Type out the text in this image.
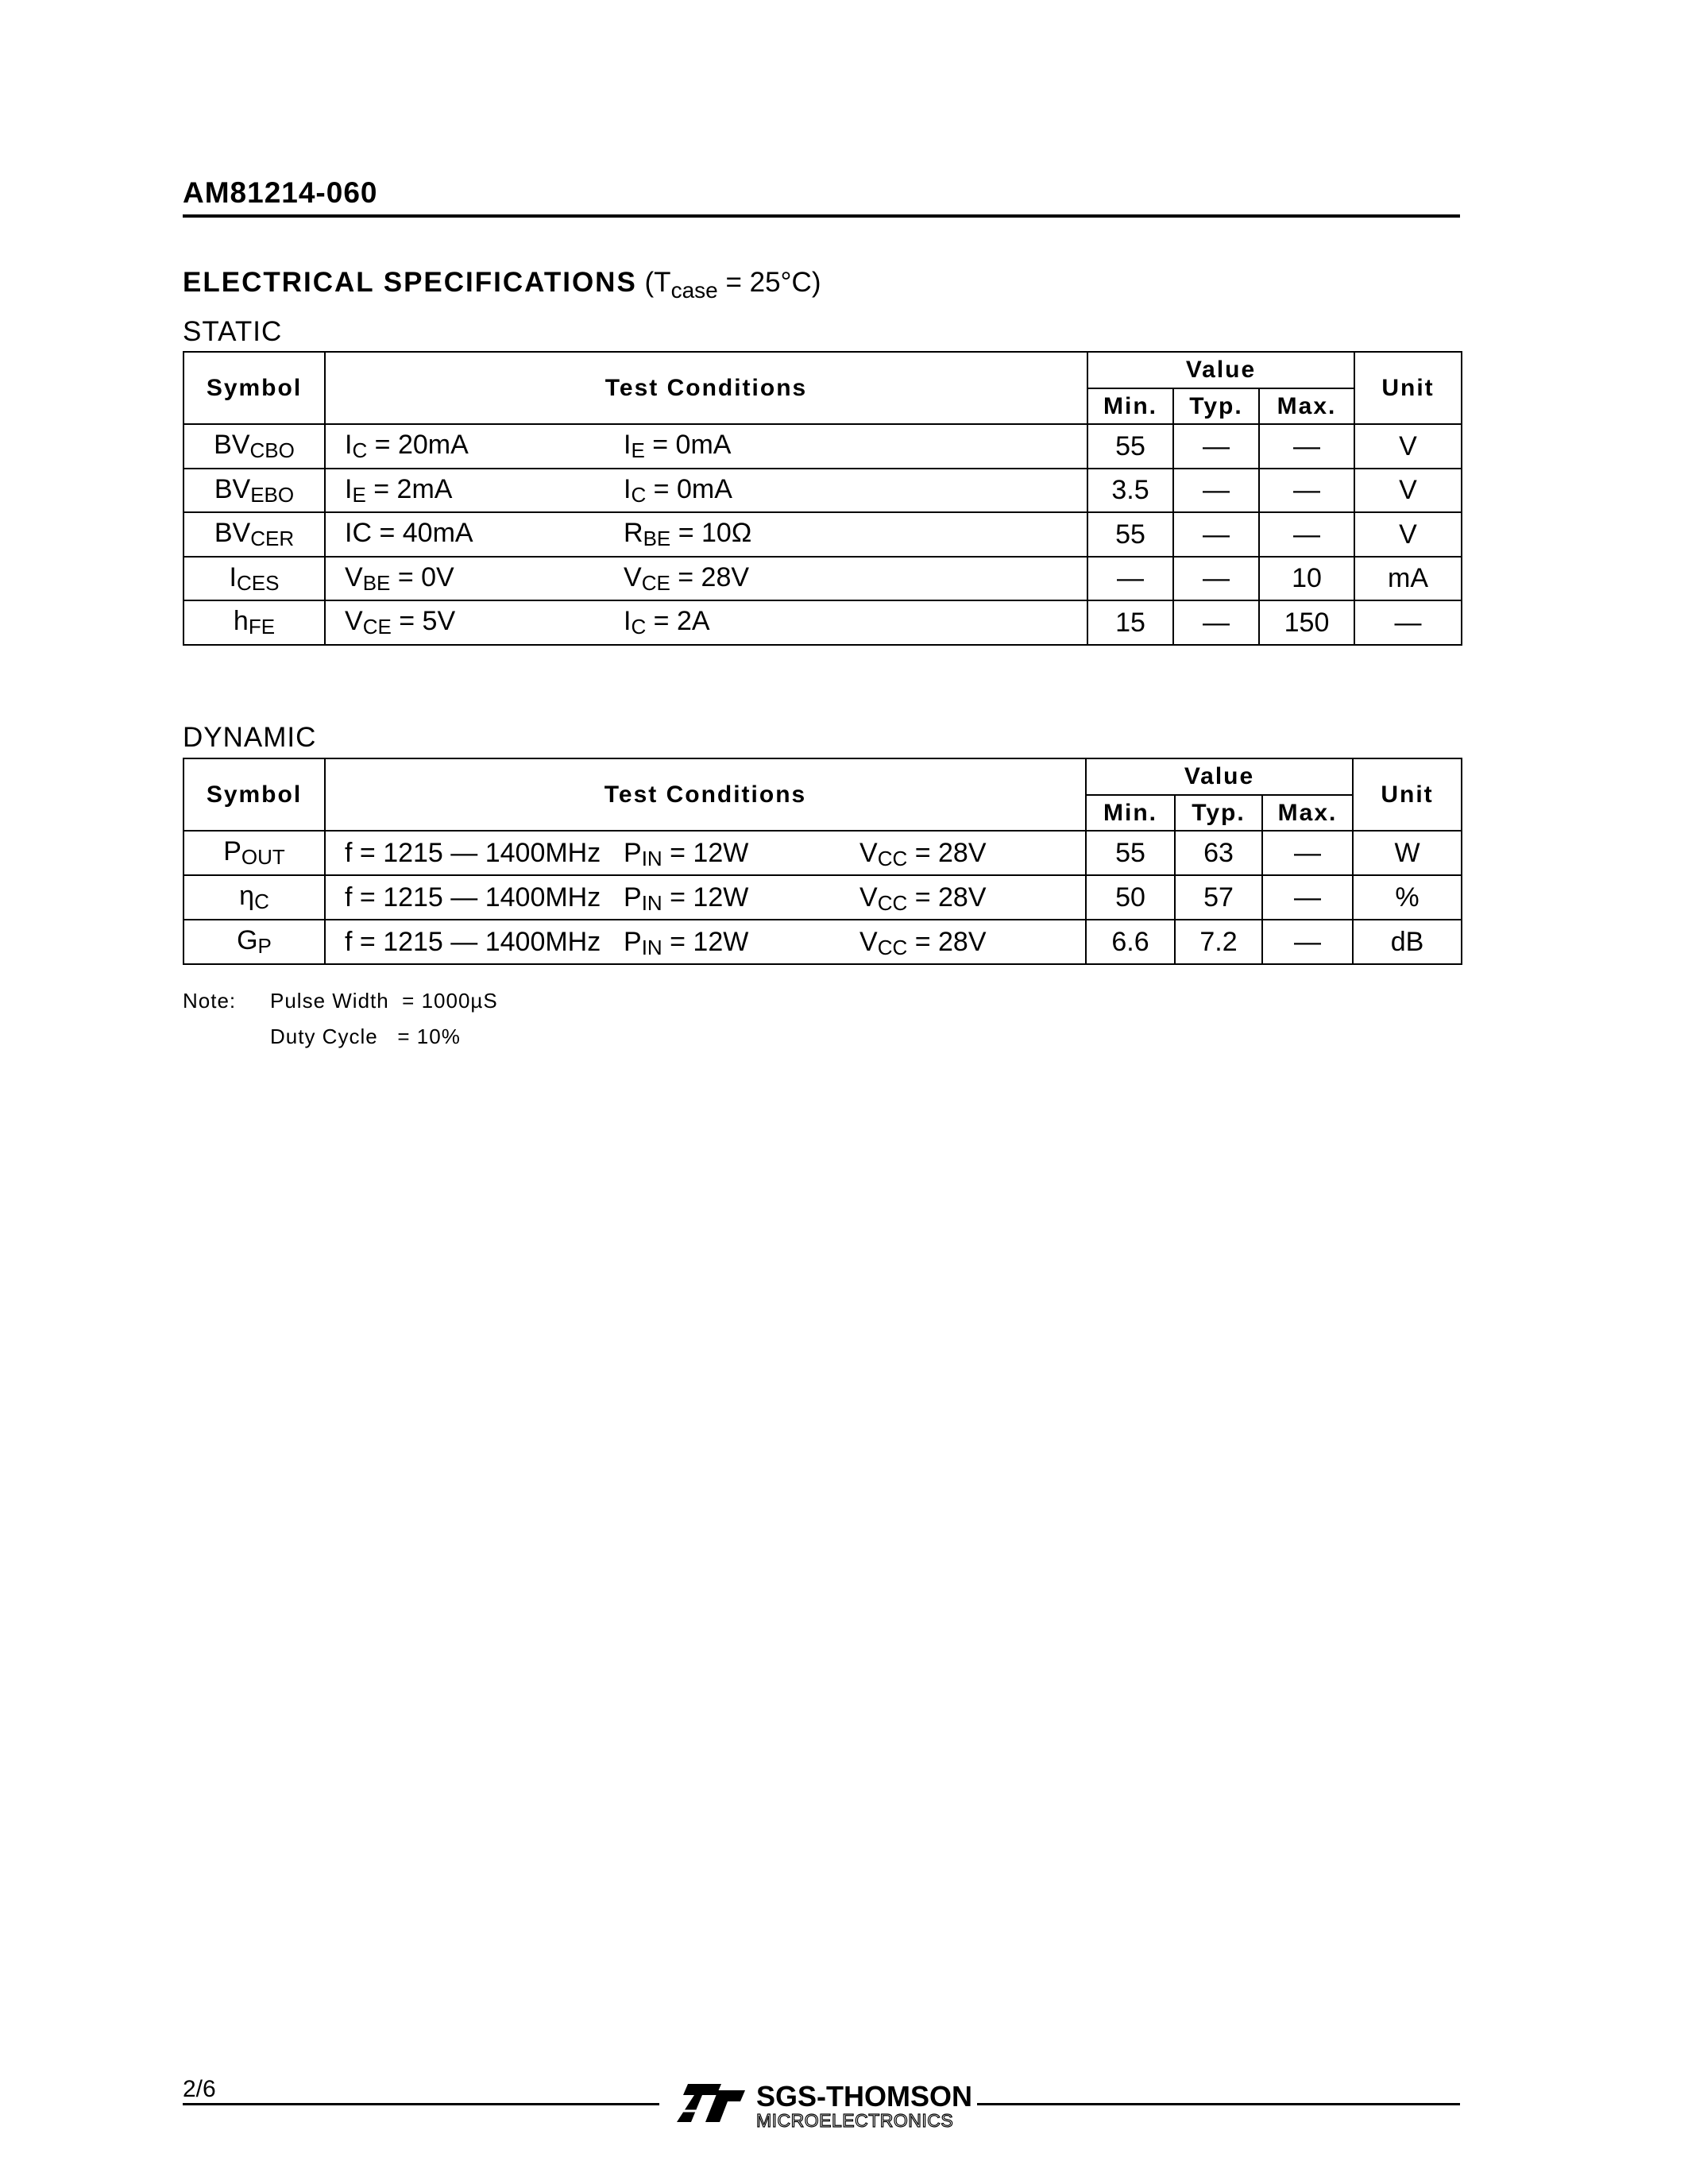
AM81214-060
ELECTRICAL SPECIFICATIONS $(T_{case} = 25^\circ C)$
STATIC
Symbol	Test Conditions	Value			Unit
		Min.	Typ.	Max.	
$BV_{CBO}$	$I_C = 20mA$ $I_E = 0mA$	55	—	—	V
$BV_{EBO}$	$I_E = 2mA$ $I_C = 0mA$	3.5	—	—	V
$BV_{CER}$	IC = 40mA $R_{BE} = 10\Omega$	55	—	—	V
$I_{CES}$	$V_{BE} = 0V$ $V_{CE} = 28V$	—	—	10	mA
$h_{FE}$	$V_{CE} = 5V$ $I_C = 2A$	15	—	150	—
DYNAMIC
Symbol	Test Conditions	Value			Unit
		Min.	Typ.	Max.	
$P_{OUT}$	f = 1215 — 1400MHz $P_{IN} = 12W$ $V_{CC} = 28V$	55	63	—	W
$\eta_C$	f = 1215 — 1400MHz $P_{IN} = 12W$ $V_{CC} = 28V$	50	57	—	%
$G_P$	f = 1215 — 1400MHz $P_{IN} = 12W$ $V_{CC} = 28V$	6.6	7.2	—	dB
Note: Pulse Width  = 1000µS
Duty Cycle   = 10%
2/6	SGS-THOMSON
MICROELECTRONICS
